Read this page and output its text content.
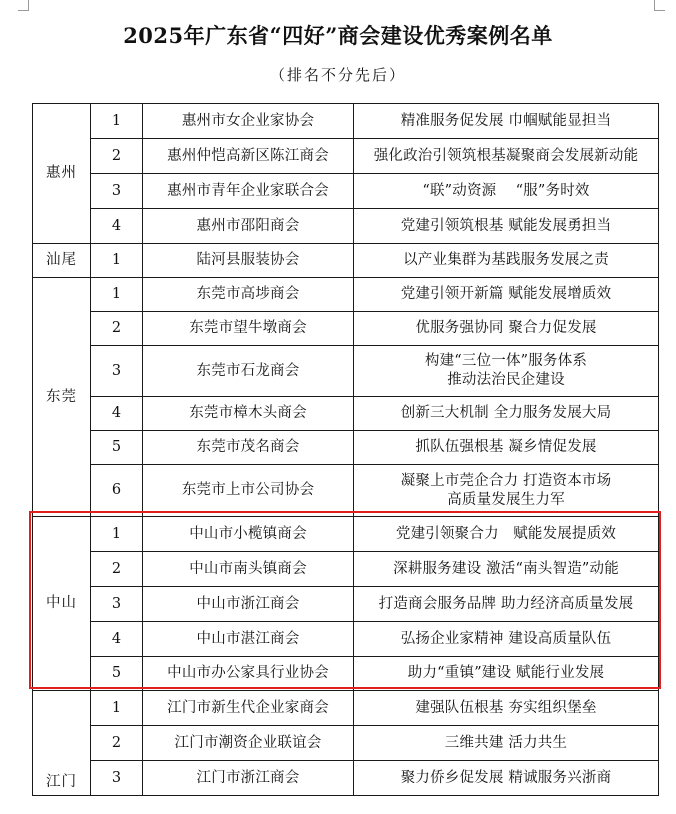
2025年广东省“四好”商会建设优秀案例名单
（排名不分先后）
惠州	1	惠州市女企业家协会	精准服务促发展 巾帼赋能显担当
	2	惠州仲恺高新区陈江商会	强化政治引领筑根基凝聚商会发展新动能
	3	惠州市青年企业家联合会	“联”动资源    “服”务时效
	4	惠州市邵阳商会	党建引领筑根基 赋能发展勇担当
汕尾	1	陆河县服装协会	以产业集群为基践服务发展之责
东莞	1	东莞市高埗商会	党建引领开新篇 赋能发展增质效
	2	东莞市望牛墩商会	优服务强协同 聚合力促发展
	3	东莞市石龙商会	构建“三位一体”服务体系
推动法治民企建设

	4	东莞市樟木头商会	创新三大机制 全力服务发展大局
	5	东莞市茂名商会	抓队伍强根基 凝乡情促发展
	6	东莞市上市公司协会	凝聚上市莞企合力 打造资本市场
高质量发展生力军

中山	1	中山市小榄镇商会	党建引领聚合力   赋能发展提质效
	2	中山市南头镇商会	深耕服务建设 激活“南头智造”动能
	3	中山市浙江商会	打造商会服务品牌 助力经济高质量发展
	4	中山市湛江商会	弘扬企业家精神 建设高质量队伍
	5	中山市办公家具行业协会	助力“重镇”建设 赋能行业发展
江门	1	江门市新生代企业家商会	建强队伍根基 夯实组织堡垒
	2	江门市潮资企业联谊会	三维共建 活力共生
	3	江门市浙江商会	聚力侨乡促发展 精诚服务兴浙商
